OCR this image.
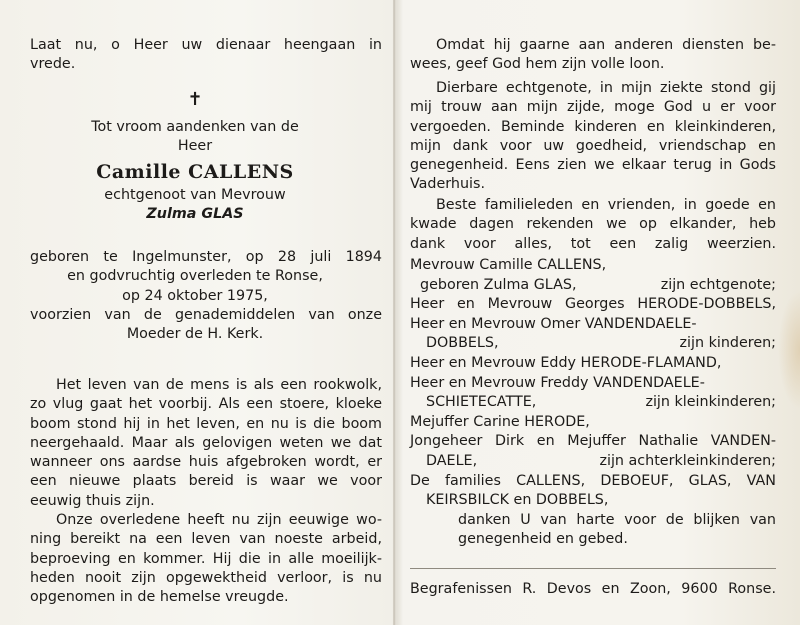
Laat nu, o Heer uw dienaar heengaan in
vrede.
✝
Tot vroom aandenken van de
Heer
Camille CALLENS
echtgenoot van Mevrouw
Zulma GLAS
geboren te Ingelmunster, op 28 juli 1894
en godvruchtig overleden te Ronse,
op 24 oktober 1975,
voorzien van de genademiddelen van onze
Moeder de H. Kerk.
Het leven van de mens is als een rookwolk,
zo vlug gaat het voorbij. Als een stoere, kloeke
boom stond hij in het leven, en nu is die boom
neergehaald. Maar als gelovigen weten we dat
wanneer ons aardse huis afgebroken wordt, er
een nieuwe plaats bereid is waar we voor
eeuwig thuis zijn.
Onze overledene heeft nu zijn eeuwige wo-
ning bereikt na een leven van noeste arbeid,
beproeving en kommer. Hij die in alle moeilijk-
heden nooit zijn opgewektheid verloor, is nu
opgenomen in de hemelse vreugde.
Omdat hij gaarne aan anderen diensten be-
wees, geef God hem zijn volle loon.
Dierbare echtgenote, in mijn ziekte stond gij
mij trouw aan mijn zijde, moge God u er voor
vergoeden. Beminde kinderen en kleinkinderen,
mijn dank voor uw goedheid, vriendschap en
genegenheid. Eens zien we elkaar terug in Gods
Vaderhuis.
Beste familieleden en vrienden, in goede en
kwade dagen rekenden we op elkander, heb
dank voor alles, tot een zalig weerzien.
Mevrouw Camille CALLENS,
geboren Zulma GLAS,	zijn echtgenote;
Heer en Mevrouw Georges HERODE-DOBBELS,
Heer en Mevrouw Omer VANDENDAELE-
DOBBELS,	zijn kinderen;
Heer en Mevrouw Eddy HERODE-FLAMAND,
Heer en Mevrouw Freddy VANDENDAELE-
SCHIETECATTE,	zijn kleinkinderen;
Mejuffer Carine HERODE,
Jongeheer Dirk en Mejuffer Nathalie VANDEN-
DAELE,	zijn achterkleinkinderen;
De families CALLENS, DEBOEUF, GLAS, VAN
KEIRSBILCK en DOBBELS,
danken U van harte voor de blijken van
genegenheid en gebed.
Begrafenissen R. Devos en Zoon, 9600 Ronse.
